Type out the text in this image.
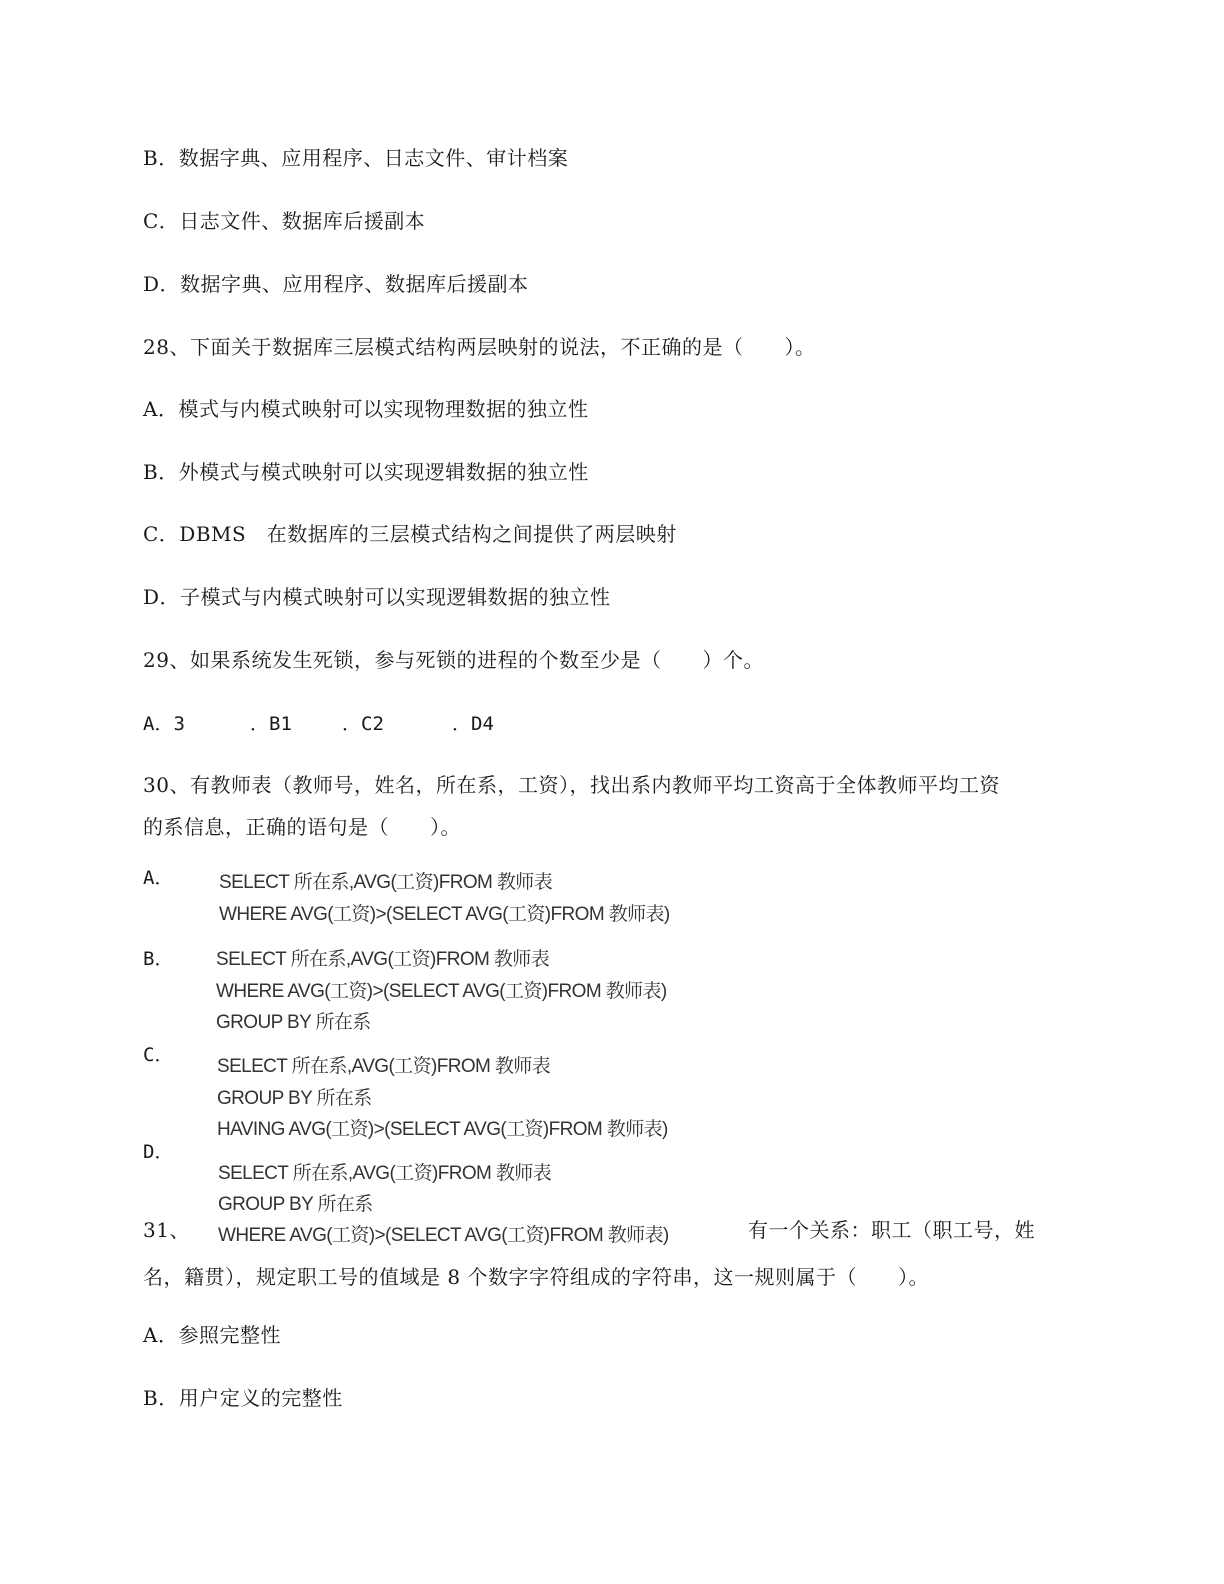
B．数据字典、应用程序、日志文件、审计档案
C．日志文件、数据库后援副本
D．数据字典、应用程序、数据库后援副本
28、下面关于数据库三层模式结构两层映射的说法，不正确的是（　　）。
A．模式与内模式映射可以实现物理数据的独立性
B．外模式与模式映射可以实现逻辑数据的独立性
C．DBMS　在数据库的三层模式结构之间提供了两层映射
D．子模式与内模式映射可以实现逻辑数据的独立性
29、如果系统发生死锁，参与死锁的进程的个数至少是（　　）个。
A．3	．B1	．C2	．D4
30、有教师表（教师号，姓名，所在系，工资），找出系内教师平均工资高于全体教师平均工资
的系信息，正确的语句是（　　）。
A． SELECT 所在系,AVG(工资)FROM 教师表
WHERE AVG(工资)>(SELECT AVG(工资)FROM 教师表)
B． SELECT 所在系,AVG(工资)FROM 教师表
WHERE AVG(工资)>(SELECT AVG(工资)FROM 教师表)
GROUP BY 所在系
C．
SELECT 所在系,AVG(工资)FROM 教师表
GROUP BY 所在系
HAVING AVG(工资)>(SELECT AVG(工资)FROM 教师表)
D．
SELECT 所在系,AVG(工资)FROM 教师表
GROUP BY 所在系
WHERE AVG(工资)>(SELECT AVG(工资)FROM 教师表)
31、	有一个关系：职工（职工号，姓
名，籍贯），规定职工号的值域是 8 个数字字符组成的字符串，这一规则属于（　　）。
A．参照完整性
B．用户定义的完整性
